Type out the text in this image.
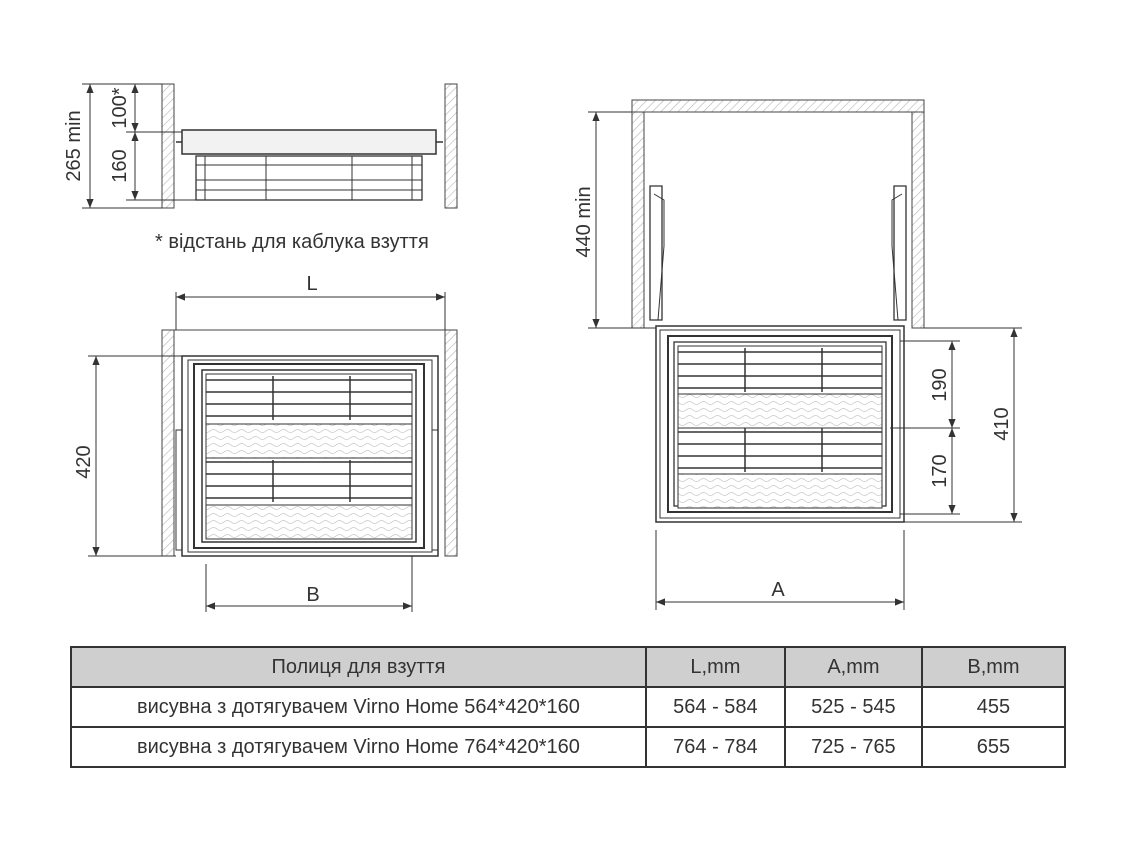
265 min
100*
160
* відстань для каблука взуття
L
420
B
440 min
190
170
410
A
Полиця для взуття	L,mm	A,mm	B,mm
висувна з дотягувачем Virno Home 564*420*160	564 - 584	525 - 545	455
висувна з дотягувачем Virno Home 764*420*160	764 - 784	725 - 765	655
